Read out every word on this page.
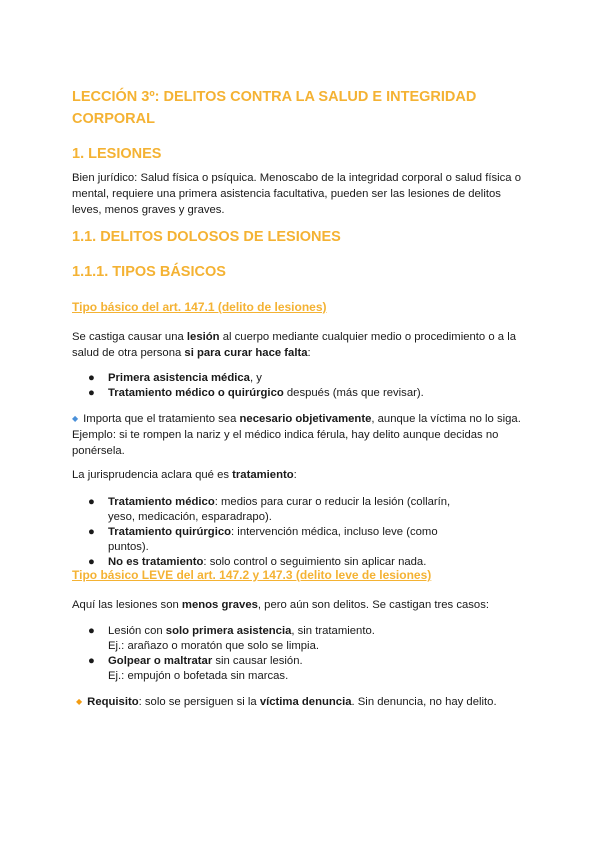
LECCIÓN 3º: DELITOS CONTRA LA SALUD E INTEGRIDAD CORPORAL
1. LESIONES
Bien jurídico: Salud física o psíquica. Menoscabo de la integridad corporal o salud física o mental, requiere una primera asistencia facultativa, pueden ser las lesiones de delitos leves, menos graves y graves.
1.1. DELITOS DOLOSOS DE LESIONES
1.1.1. TIPOS BÁSICOS
Tipo básico del art. 147.1 (delito de lesiones)
Se castiga causar una lesión al cuerpo mediante cualquier medio o procedimiento o a la salud de otra persona si para curar hace falta:
● Primera asistencia médica, y
● Tratamiento médico o quirúrgico después (más que revisar).
◆ Importa que el tratamiento sea necesario objetivamente, aunque la víctima no lo siga. Ejemplo: si te rompen la nariz y el médico indica férula, hay delito aunque decidas no ponérsela.
La jurisprudencia aclara qué es tratamiento:
● Tratamiento médico: medios para curar o reducir la lesión (collarín, yeso, medicación, esparadrapo).
● Tratamiento quirúrgico: intervención médica, incluso leve (como puntos).
● No es tratamiento: solo control o seguimiento sin aplicar nada.
Tipo básico LEVE del art. 147.2 y 147.3 (delito leve de lesiones)
Aquí las lesiones son menos graves, pero aún son delitos. Se castigan tres casos:
● Lesión con solo primera asistencia, sin tratamiento.
Ej.: arañazo o moratón que solo se limpia.
● Golpear o maltratar sin causar lesión.
Ej.: empujón o bofetada sin marcas.
◆ Requisito: solo se persiguen si la víctima denuncia. Sin denuncia, no hay delito.
